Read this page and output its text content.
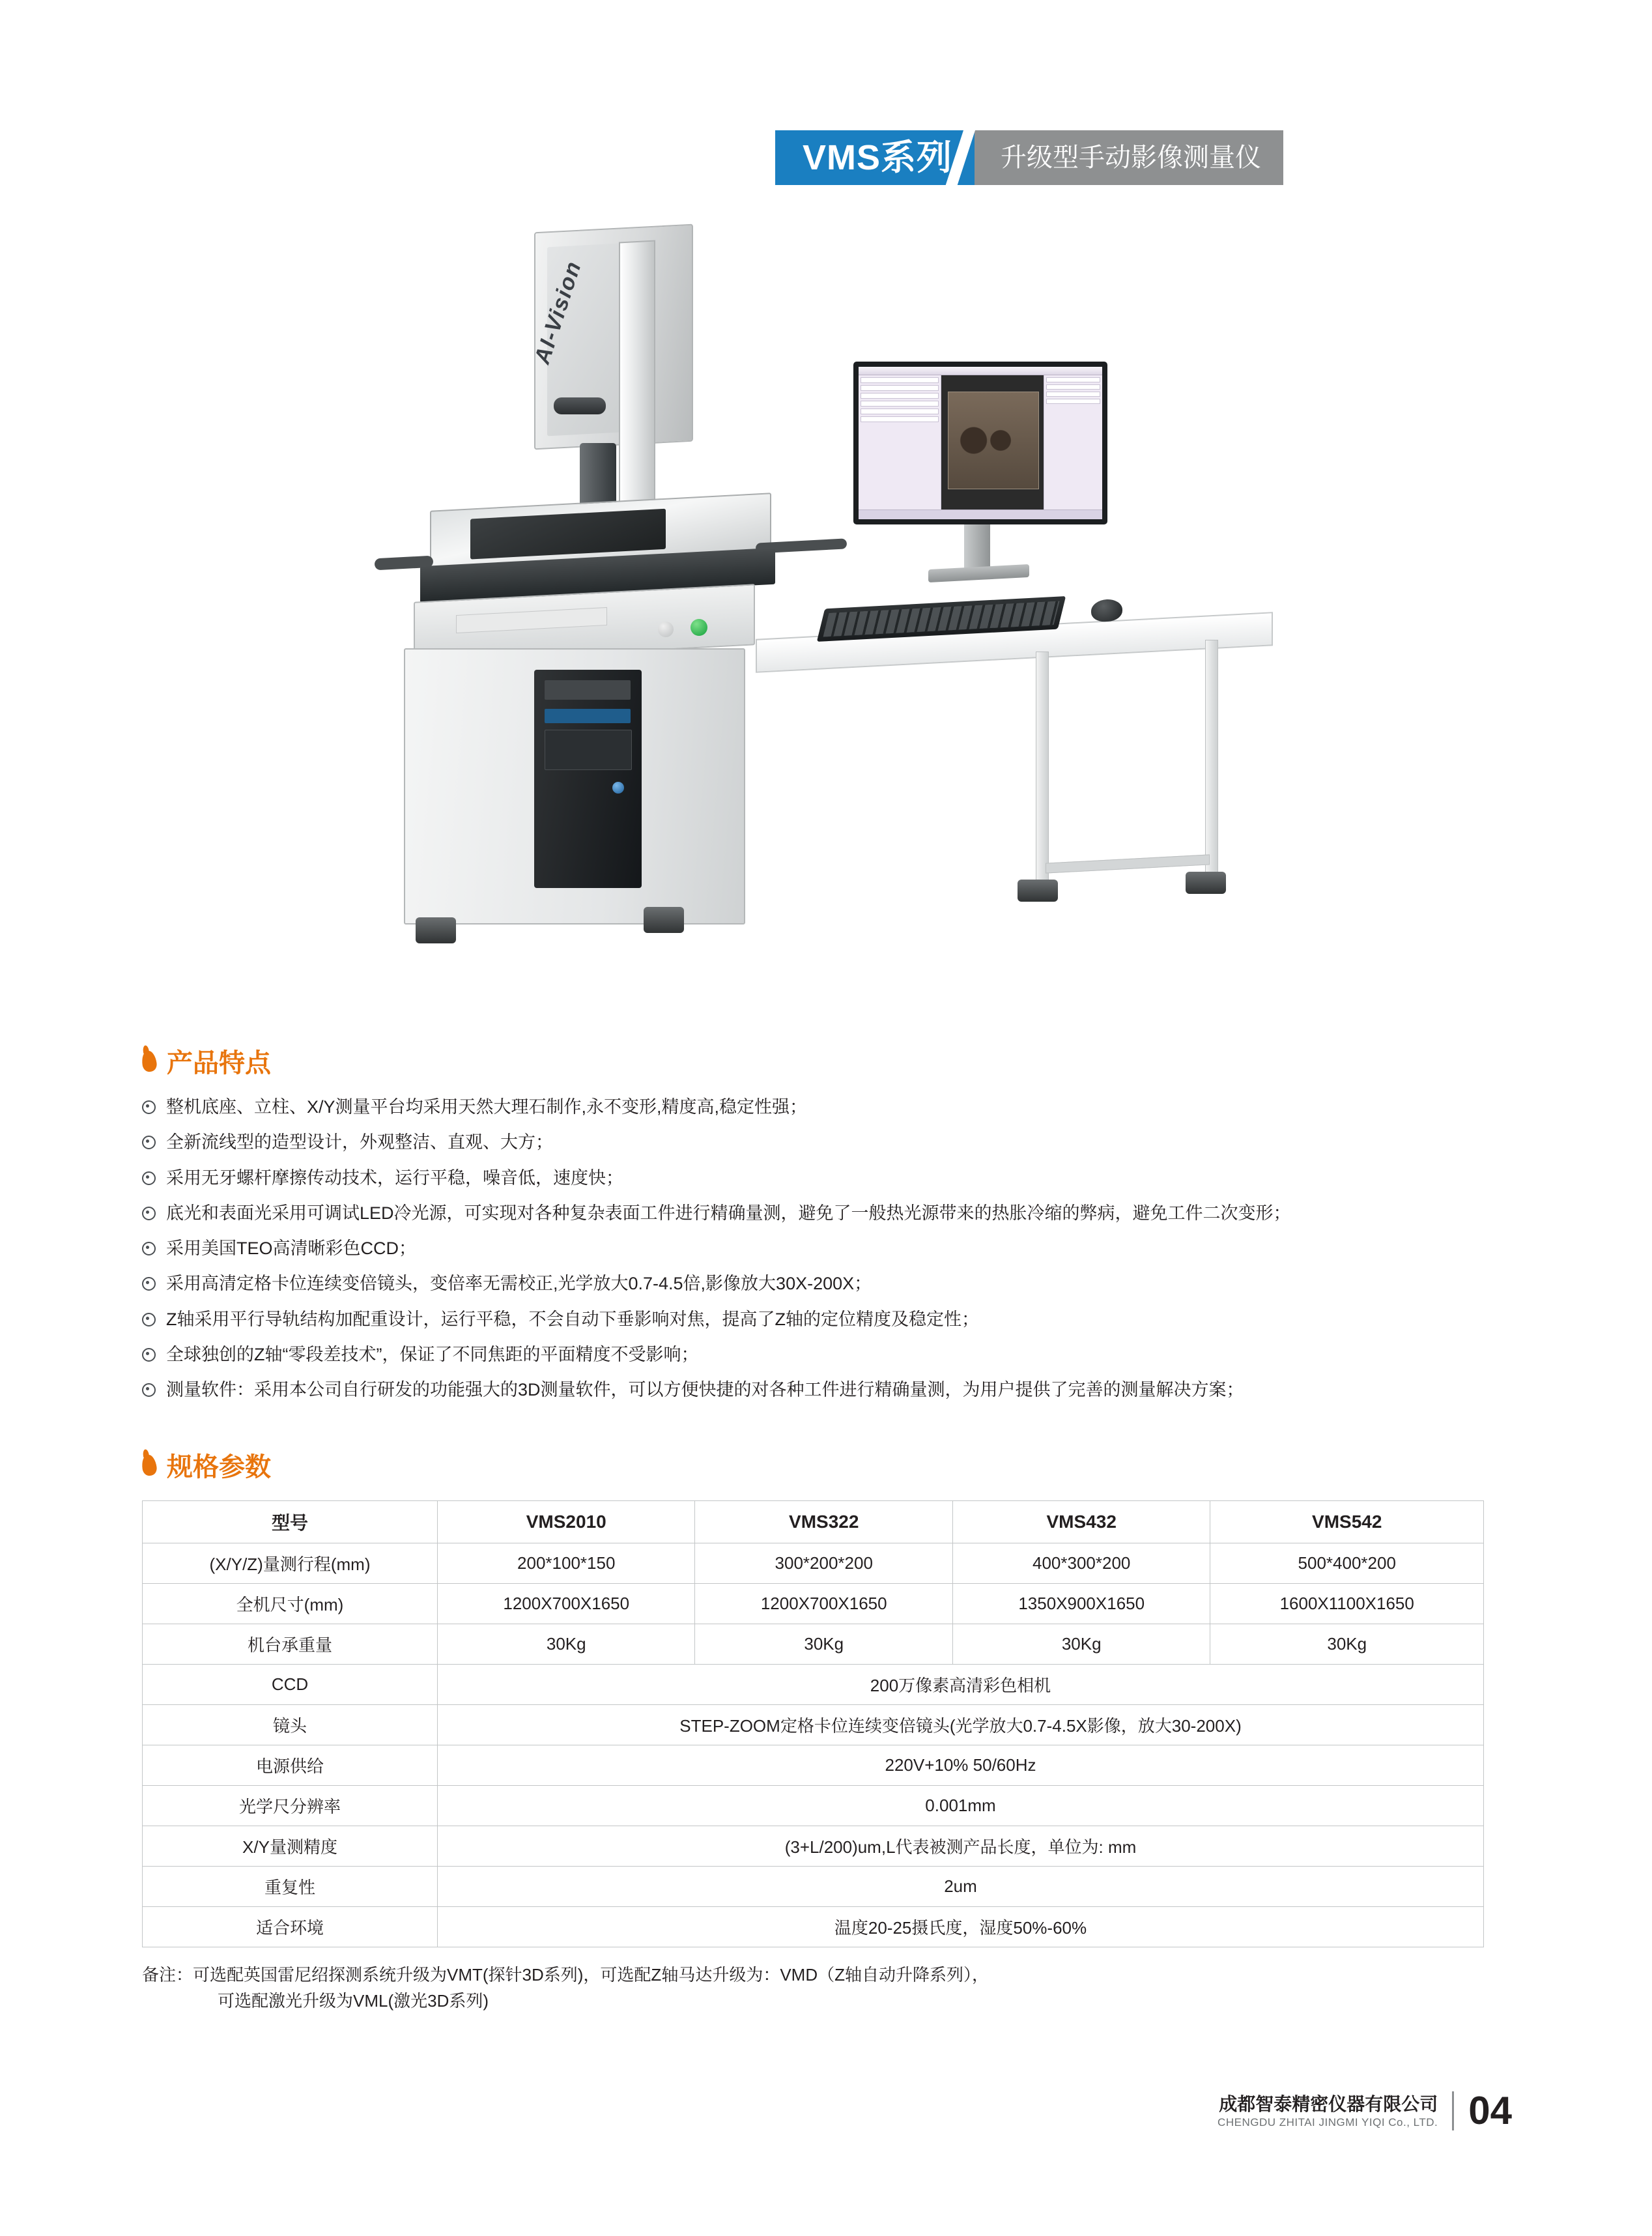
VMS系列	升级型手动影像测量仪
AI-Vision
产品特点
整机底座、立柱、X/Y测量平台均采用天然大理石制作,永不变形,精度高,稳定性强；
全新流线型的造型设计，外观整洁、直观、大方；
采用无牙螺杆摩擦传动技术，运行平稳，噪音低，速度快；
底光和表面光采用可调试LED冷光源，可实现对各种复杂表面工件进行精确量测，避免了一般热光源带来的热胀冷缩的弊病，避免工件二次变形；
采用美国TEO高清晰彩色CCD；
采用高清定格卡位连续变倍镜头，变倍率无需校正,光学放大0.7-4.5倍,影像放大30X-200X；
Z轴采用平行导轨结构加配重设计，运行平稳，不会自动下垂影响对焦，提高了Z轴的定位精度及稳定性；
全球独创的Z轴“零段差技术”，保证了不同焦距的平面精度不受影响；
测量软件：采用本公司自行研发的功能强大的3D测量软件，可以方便快捷的对各种工件进行精确量测，为用户提供了完善的测量解决方案；
规格参数
型号	VMS2010	VMS322	VMS432	VMS542
(X/Y/Z)量测行程(mm)	200*100*150	300*200*200	400*300*200	500*400*200
全机尺寸(mm)	1200X700X1650	1200X700X1650	1350X900X1650	1600X1100X1650
机台承重量	30Kg	30Kg	30Kg	30Kg
CCD	200万像素高清彩色相机			
镜头	STEP-ZOOM定格卡位连续变倍镜头(光学放大0.7-4.5X影像，放大30-200X)			
电源供给	220V+10% 50/60Hz			
光学尺分辨率	0.001mm			
X/Y量测精度	(3+L/200)um,L代表被测产品长度，单位为: mm			
重复性	2um			
适合环境	温度20-25摄氏度，湿度50%-60%			
备注：可选配英国雷尼绍探测系统升级为VMT(探针3D系列)，可选配Z轴马达升级为：VMD（Z轴自动升降系列），
可选配激光升级为VML(激光3D系列)
成都智泰精密仪器有限公司
CHENGDU ZHITAI JINGMI YIQI Co., LTD. 04
